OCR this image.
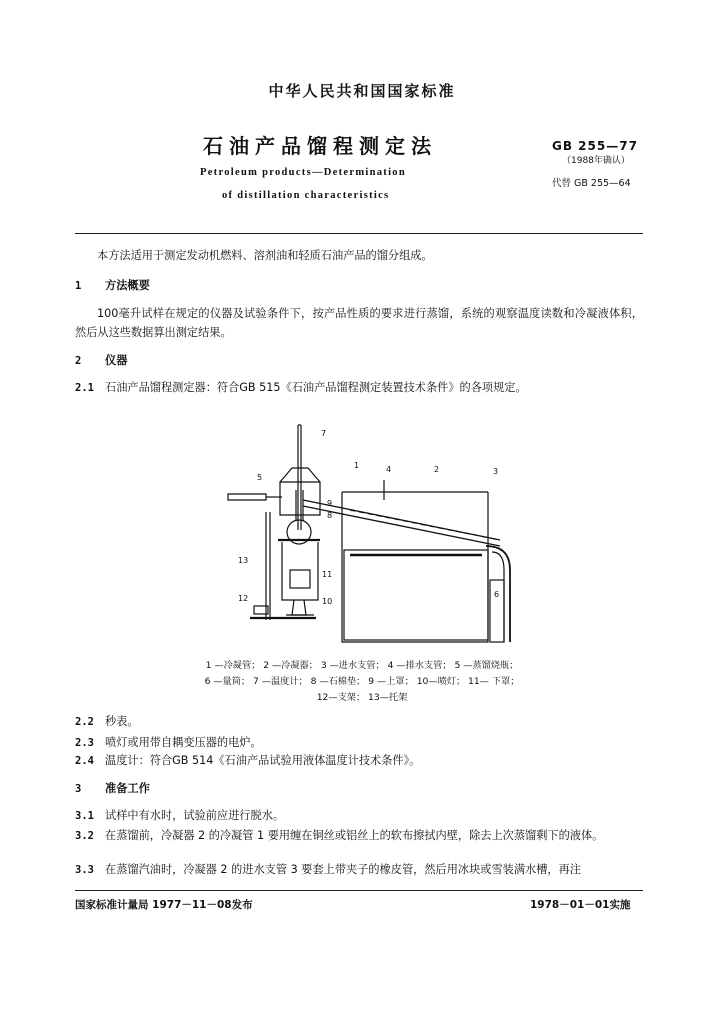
中华人民共和国国家标准
石油产品馏程测定法
Petroleum products—Determination
of distillation characteristics
GB 255—77
（1988年确认）
代替 GB 255—64
本方法适用于测定发动机燃料、溶剂油和轻质石油产品的馏分组成。
1 方法概要
100毫升试样在规定的仪器及试验条件下，按产品性质的要求进行蒸馏，系统的观察温度读数和冷凝液体积，然后从这些数据算出测定结果。
2 仪器
2.1 石油产品馏程测定器：符合GB 515《石油产品馏程测定装置技术条件》的各项规定。
7
1	2	3
4
5
6
9
8
10
11
13
12
1 —冷凝管； 2 —冷凝器； 3 —进水支管； 4 —排水支管； 5 —蒸馏烧瓶；
6 —量筒； 7 —温度计； 8 —石棉垫； 9 —上罩； 10—喷灯； 11— 下罩；
12—支架； 13—托架
2.2 秒表。
2.3 喷灯或用带自耦变压器的电炉。
2.4 温度计：符合GB 514《石油产品试验用液体温度计技术条件》。
3 准备工作
3.1 试样中有水时，试验前应进行脱水。
3.2 在蒸馏前，冷凝器 2 的冷凝管 1 要用缠在铜丝或铝丝上的软布擦拭内壁，除去上次蒸馏剩下的液体。
3.3 在蒸馏汽油时，冷凝器 2 的进水支管 3 要套上带夹子的橡皮管，然后用冰块或雪装满水槽，再注
国家标准计量局 1977－11－08发布	1978－01－01实施
